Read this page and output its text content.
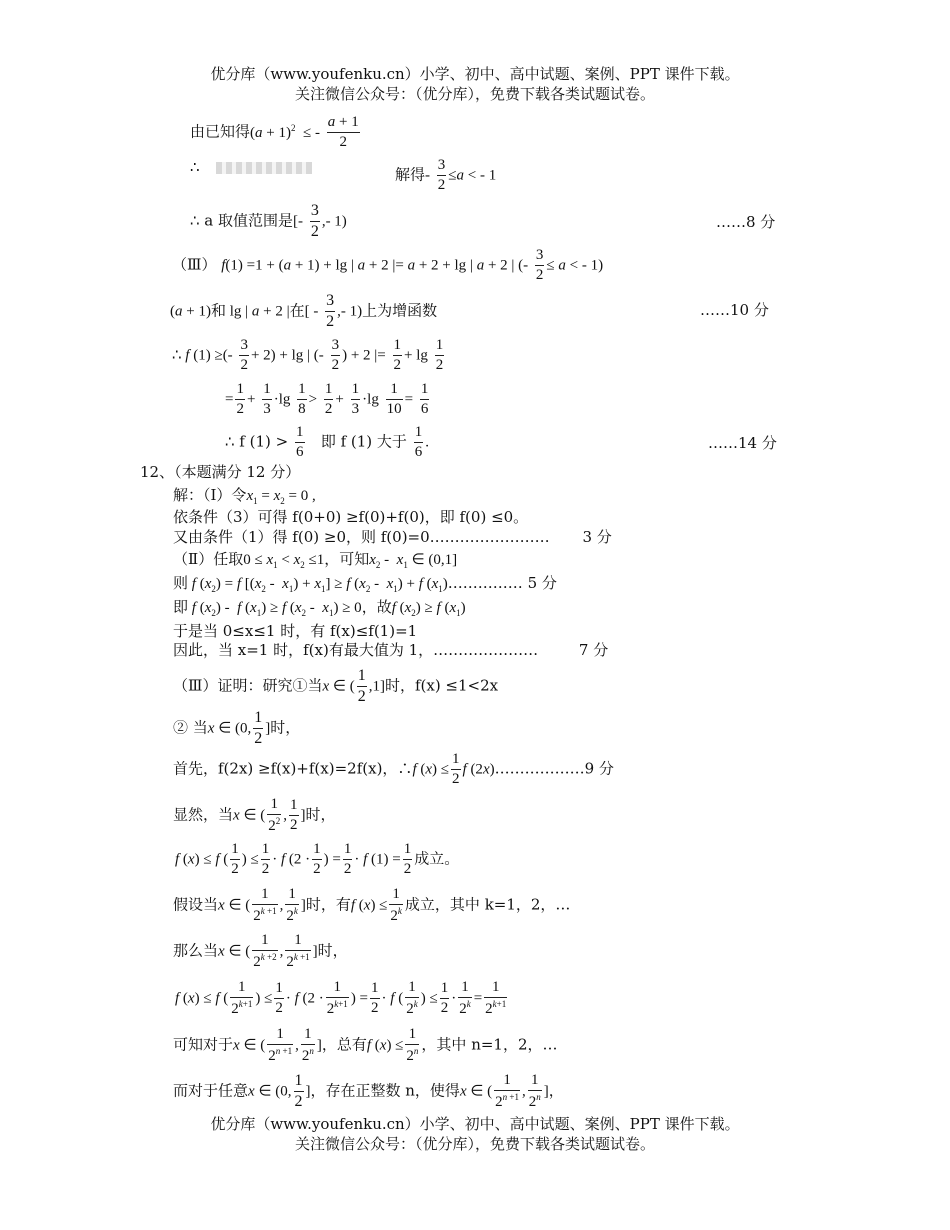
优分库（www.youfenku.cn）小学、初中、高中试题、案例、PPT 课件下载。
关注微信公众号：（优分库），免费下载各类试题试卷。
由已知得$(a + 1)^2$  ≤ - $\frac{a + 1}{2}$
∴	解得- $\frac{3}{2} \le a$ < - 1
∴ a 取值范围是[- $\frac{3}{2}$ ,- 1)	……8 分
（Ⅲ） f(1) =1 + (a + 1) + lg | a + 2 |= a + 2 + lg | a + 2 | (- $\frac{3}{2} \le a$ < - 1)
(a + 1)和 lg | a + 2 |在[ - $\frac{3}{2}$ ,- 1)上为增函数	……10 分
∴ f (1) ≥(- $\frac{3}{2} + 2) + \lg$ | (- $\frac{3}{2}$ ) + 2 |= $\frac{1}{2} + \lg \frac{1}{2}$
= $\frac{1}{2} + \frac{1}{3} \cdot\lg \frac{1}{8} > \frac{1}{2} + \frac{1}{3} \cdot\lg \frac{1}{10} = \frac{1}{6}$
∴ f $(1) > \frac{1}{6}$ 即 f (1) 大于 $\frac{1}{6}$ .	……14 分
12、（本题满分 12 分）
解：（Ⅰ）令$x_1 = x_2 = 0$ ,
依条件（3）可得 f(0+0) ≥f(0)+f(0)，即 f(0) ≤0。
又由条件（1）得 f(0) ≥0，则 f(0)=0…………………… 3 分
（Ⅱ）任取$0 \le x_1 < x_2 \le 1$，可知$x_2 - x_1$ ∈ (0,1]
则 f $(x_2) = f$ $[(x_2 - x_1) + x_1] \ge f$ $(x_2 - x_1) + f$ $(x_1)\dots\dots\dots\dots\dots$ 5 分
即 f $(x_2)$ -  f $(x_1) \ge f$ $(x_2 - x_1) \ge 0$，故f $(x_2) \ge f$ $(x_1)$
于是当 0≤x≤1 时，有 f(x)≤f(1)=1
因此，当 x=1 时，f(x)有最大值为 1，…………………	7 分
（Ⅲ）证明：研究①当x ∈ ( $\frac{1}{2} ,1$]时，f(x) ≤1<2x
② 当x ∈ (0, $\frac{1}{2}$ ]时，
首先，f(2x) ≥f(x)+f(x)=2f(x)，∴f $(x) \le \frac{1}{2}$ f (2x)………………9 分
显然，当x ∈ ( $\frac{1}{2^2}$ , $\frac{1}{2}$ ]时，
f (x) ≤ f ( $\frac{1}{2}$ ) ≤ $\frac{1}{2} \cdot f$ ($2 \cdot \frac{1}{2}$ ) = $\frac{1}{2} \cdot f$ $(1) = \frac{1}{2}$ 成立。
假设当x ∈ ( $\frac{1}{2^{k +1}}$ , $\frac{1}{2^k}$ ]时，有f $(x) \le \frac{1}{2^k}$ 成立，其中 k=1，2，…
那么当x ∈ ( $\frac{1}{2^{k +2}}$ , $\frac{1}{2^{k +1}}$ ]时，
f (x) ≤ f ( $\frac{1}{2^{k+1}}$ ) ≤ $\frac{1}{2} \cdot f$ ($2 \cdot \frac{1}{2^{k+1}}$ ) = $\frac{1}{2} \cdot f$ ( $\frac{1}{2^k}$ ) ≤ $\frac{1}{2} \cdot \frac{1}{2^k} = \frac{1}{2^{k+1}}$
可知对于x ∈ ( $\frac{1}{2^{n +1}}$ , $\frac{1}{2^n}$ ]，总有f $(x) \le \frac{1}{2^n}$ ，其中 n=1，2，…
而对于任意x ∈ (0, $\frac{1}{2}$ ]，存在正整数 n，使得x ∈ ( $\frac{1}{2^{n +1}}$ , $\frac{1}{2^n}$ ]，
优分库（www.youfenku.cn）小学、初中、高中试题、案例、PPT 课件下载。
关注微信公众号：（优分库），免费下载各类试题试卷。
